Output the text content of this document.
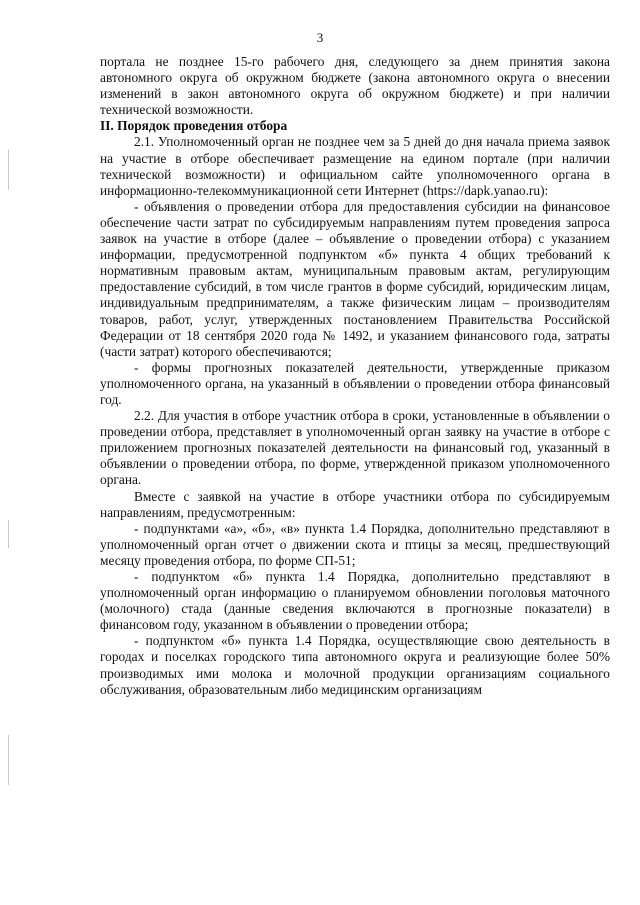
3

портала не позднее 15-го рабочего дня, следующего за днем принятия закона автономного округа об окружном бюджете (закона автономного округа о внесении изменений в закон автономного округа об окружном бюджете) и при наличии технической возможности.

II. Порядок проведения отбора

2.1. Уполномоченный орган не позднее чем за 5 дней до дня начала приема заявок на участие в отборе обеспечивает размещение на едином портале (при наличии технической возможности) и официальном сайте уполномоченного органа в информационно-телекоммуникационной сети Интернет (https://dapk.yanao.ru):

- объявления о проведении отбора для предоставления субсидии на финансовое обеспечение части затрат по субсидируемым направлениям путем проведения запроса заявок на участие в отборе (далее – объявление о проведении отбора) с указанием информации, предусмотренной подпунктом «б» пункта 4 общих требований к нормативным правовым актам, муниципальным правовым актам, регулирующим предоставление субсидий, в том числе грантов в форме субсидий, юридическим лицам, индивидуальным предпринимателям, а также физическим лицам – производителям товаров, работ, услуг, утвержденных постановлением Правительства Российской Федерации от 18 сентября 2020 года № 1492, и указанием финансового года, затраты (части затрат) которого обеспечиваются;

- формы прогнозных показателей деятельности, утвержденные приказом уполномоченного органа, на указанный в объявлении о проведении отбора финансовый год.

2.2. Для участия в отборе участник отбора в сроки, установленные в объявлении о проведении отбора, представляет в уполномоченный орган заявку на участие в отборе с приложением прогнозных показателей деятельности на финансовый год, указанный в объявлении о проведении отбора, по форме, утвержденной приказом уполномоченного органа.

Вместе с заявкой на участие в отборе участники отбора по субсидируемым направлениям, предусмотренным:

- подпунктами «а», «б», «в» пункта 1.4 Порядка, дополнительно представляют в уполномоченный орган отчет о движении скота и птицы за месяц, предшествующий месяцу проведения отбора, по форме СП-51;

- подпунктом «б» пункта 1.4 Порядка, дополнительно представляют в уполномоченный орган информацию о планируемом обновлении поголовья маточного (молочного) стада (данные сведения включаются в прогнозные показатели) в финансовом году, указанном в объявлении о проведении отбора;

- подпунктом «б» пункта 1.4 Порядка, осуществляющие свою деятельность в городах и поселках городского типа автономного округа и реализующие более 50% производимых ими молока и молочной продукции организациям социального обслуживания, образовательным либо медицинским организациям
